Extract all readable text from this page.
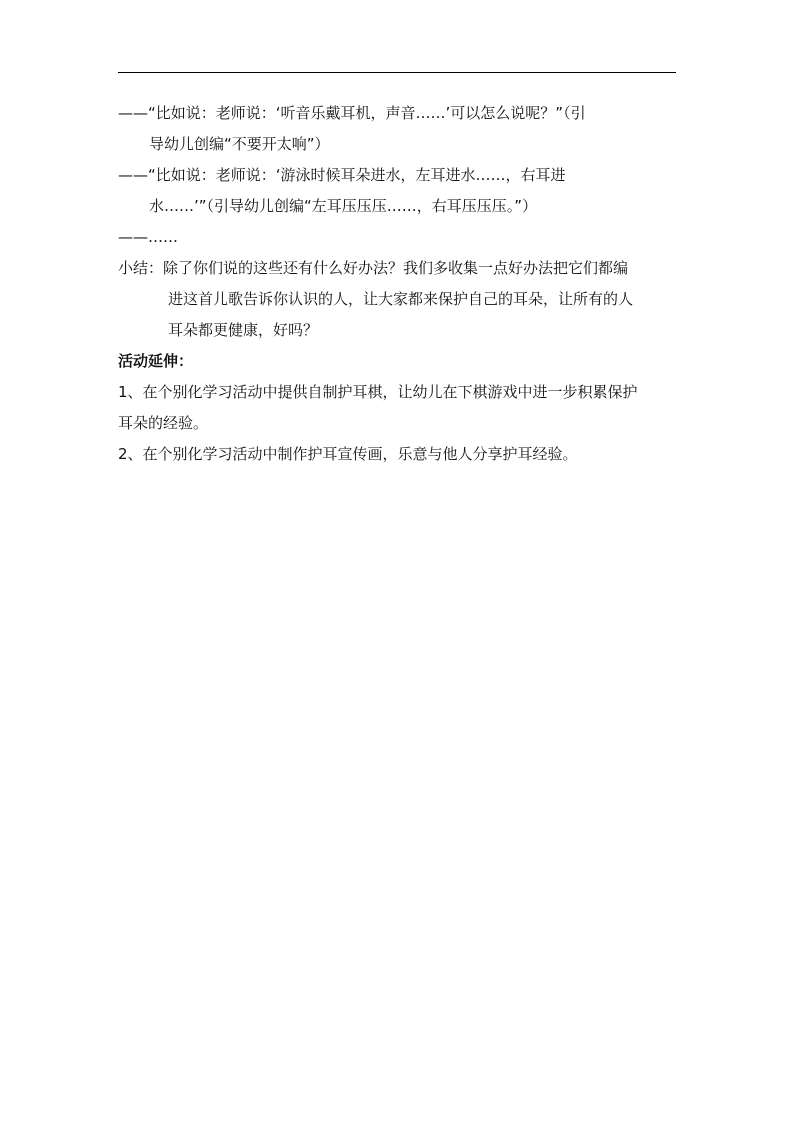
——“比如说：老师说：‘听音乐戴耳机，声音……’可以怎么说呢？”（引
导幼儿创编“不要开太响”）
——“比如说：老师说：‘游泳时候耳朵进水，左耳进水……，右耳进
水……’”（引导幼儿创编“左耳压压压……，右耳压压压。”）
——……
小结：除了你们说的这些还有什么好办法？我们多收集一点好办法把它们都编
进这首儿歌告诉你认识的人，让大家都来保护自己的耳朵，让所有的人
耳朵都更健康，好吗？
活动延伸：
1、在个别化学习活动中提供自制护耳棋，让幼儿在下棋游戏中进一步积累保护
耳朵的经验。
2、在个别化学习活动中制作护耳宣传画，乐意与他人分享护耳经验。
